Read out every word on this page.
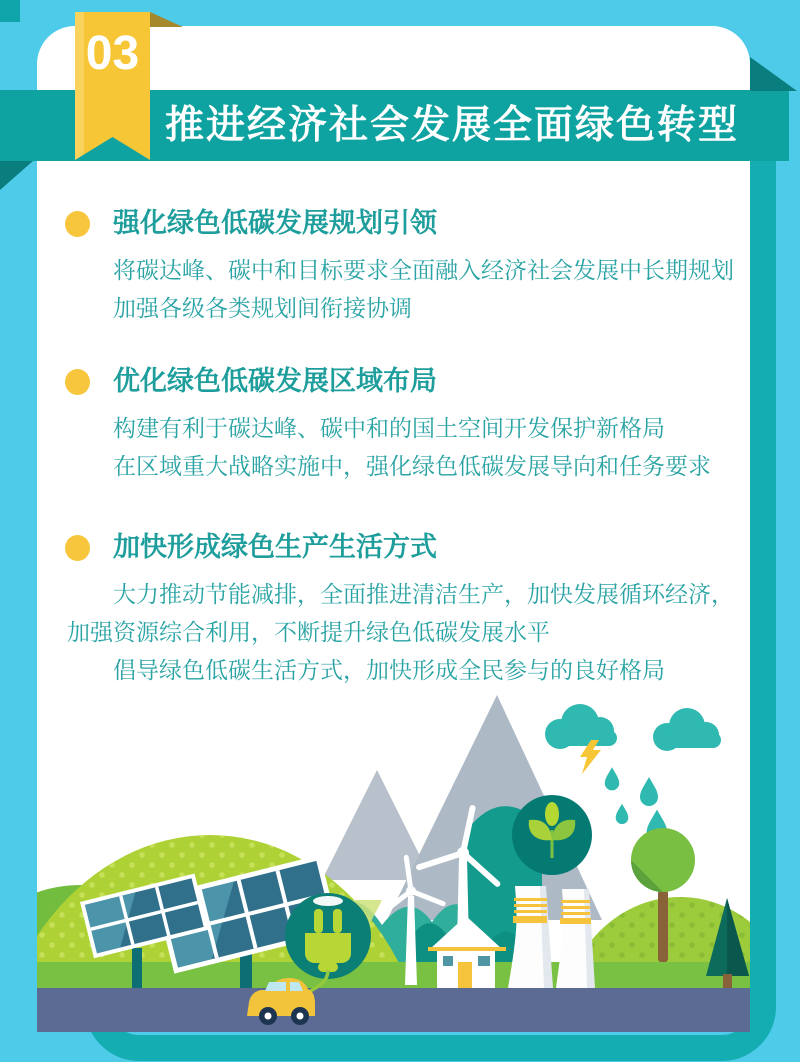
推进经济社会发展全面绿色转型
03
强化绿色低碳发展规划引领
将碳达峰、碳中和目标要求全面融入经济社会发展中长期规划
加强各级各类规划间衔接协调
优化绿色低碳发展区域布局
构建有利于碳达峰、碳中和的国土空间开发保护新格局
在区域重大战略实施中，强化绿色低碳发展导向和任务要求
加快形成绿色生产生活方式
大力推动节能减排，全面推进清洁生产，加快发展循环经济，
加强资源综合利用，不断提升绿色低碳发展水平
倡导绿色低碳生活方式，加快形成全民参与的良好格局
